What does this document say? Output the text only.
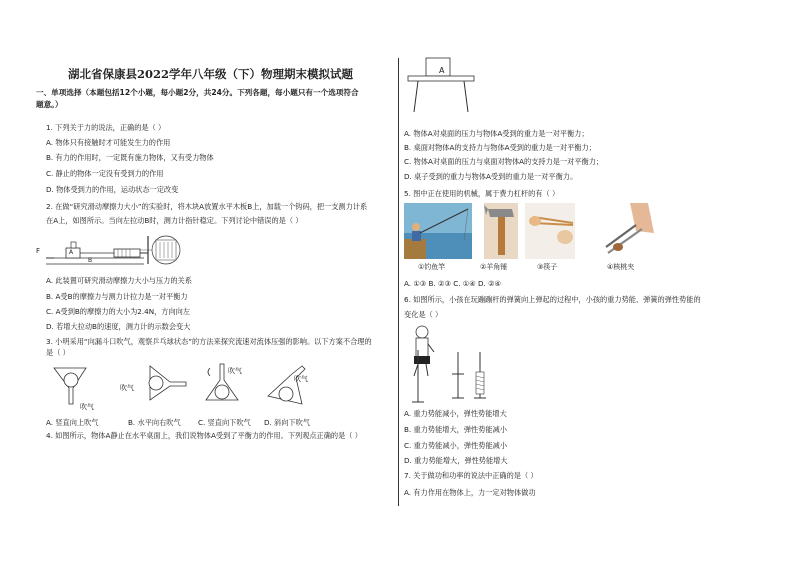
湖北省保康县2022学年八年级（下）物理期末模拟试题
一、单项选择（本题包括12个小题，每小题2分，共24分。下列各题，每小题只有一个选项符合
题意。）
1. 下列关于力的说法，正确的是（ ）
A. 物体只有接触时才可能发生力的作用
B. 有力的作用时，一定既有施力物体，又有受力物体
C. 静止的物体一定没有受到力的作用
D. 物体受到力的作用，运动状态一定改变
2. 在做“研究滑动摩擦力大小”的实验时，将木块A放置水平木板B上，加载一个钩码，把一支测力计系
在A上，如图所示。当向左拉动B时，测力计指针稳定。下列讨论中错误的是（ ）
F	A
B
A. 此装置可研究滑动摩擦力大小与压力的关系
B. A受B的摩擦力与测力计拉力是一对平衡力
C. A受到B的摩擦力的大小为2.4N，方向向左
D. 若增大拉动B的速度，测力计的示数会变大
3. 小明采用“向漏斗口吹气，观察乒乓球状态”的方法来探究流速对流体压强的影响。以下方案不合理的
是（ ）
吹气
吹气
吹气
吹气
A. 竖直向上吹气	B. 水平向右吹气 C. 竖直向下吹气 D. 斜向下吹气
4. 如图所示，物体A静止在水平桌面上，我们说物体A受到了平衡力的作用。下列观点正确的是（ ）
A
A. 物体A对桌面的压力与物体A受到的重力是一对平衡力；
B. 桌面对物体A的支持力与物体A受到的重力是一对平衡力；
C. 物体A对桌面的压力与桌面对物体A的支持力是一对平衡力；
D. 桌子受到的重力与物体A受到的重力是一对平衡力。
5. 图中正在使用的机械，属于费力杠杆的有（ ）
①钓鱼竿	②羊角锤	③筷子	④核桃夹
A. ①③ B. ②③ C. ①④ D. ②④
6. 如图所示，小孩在玩蹦蹦杆的弹簧向上弹起的过程中，小孩的重力势能、弹簧的弹性势能的
变化是（ ）
A. 重力势能减小，弹性势能增大
B. 重力势能增大，弹性势能减小
C. 重力势能减小，弹性势能减小
D. 重力势能增大，弹性势能增大
7. 关于做功和功率的说法中正确的是（ ）
A. 有力作用在物体上，力一定对物体做功
